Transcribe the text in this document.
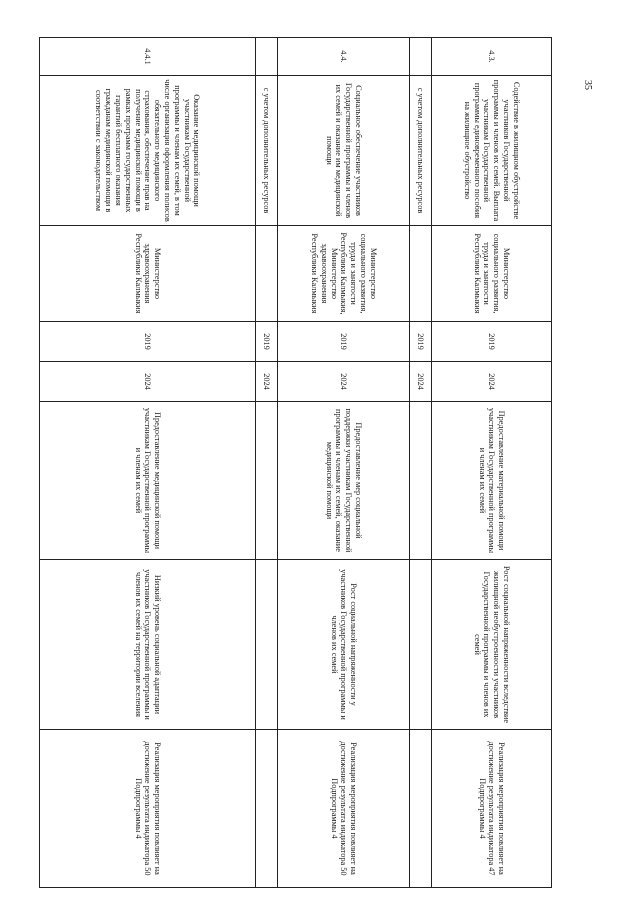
4.3.	Содействие в жилищном обустройстве участников Государственной программы и членов их семей. Выплата участникам Государственной программы единовременного пособия на жилищное обустройство	Министерство социального развития, труда и занятости Республики Калмыкия	2019	2024	Предоставление материальной помощи участникам Государственной программы и членам их семей	Рост социальной напряженности вследствие жилищной необустроенности участников Государственной программы и членов их семей	Реализация мероприятия повлияет на достижение результата индикатора 47 Подпрограммы 4
	с учетом дополнительных ресурсов		2019	2024			
4.4.	Социальное обеспечение участников Государственной программы и членов их семей и оказание им медицинской помощи	Министерство социального развития, труда и занятости Республики Калмыкия, Министерство здравоохранения Республики Калмыкия	2019	2024	Предоставление мер социальной поддержки участникам Государственной программы и членам их семей, оказание медицинской помощи	Рост социальной напряженности у участников Государственной программы и членов их семей	Реализация мероприятия повлияет на достижение результата индикатора 50 Подпрограммы 4
	с учетом дополнительных ресурсов		2019	2024			
4.4.1	Оказание медицинской помощи участникам Государственной программы и членам их семей, в том числе организация оформления полисов обязательного медицинского страхования, обеспечение прав на получение медицинской помощи в рамках программ государственных гарантий бесплатного оказания гражданам медицинской помощи в соответствии с законодательством	Министерство здравоохранения Республики Калмыкия	2019	2024	Предоставление медицинской помощи участникам Государственной программы и членам их семей	Низкий уровень социальной адаптации участников Государственной программы и членов их семей на территории вселения	Реализация мероприятия повлияет на достижение результата индикатора 50 Подпрограммы 4
35
